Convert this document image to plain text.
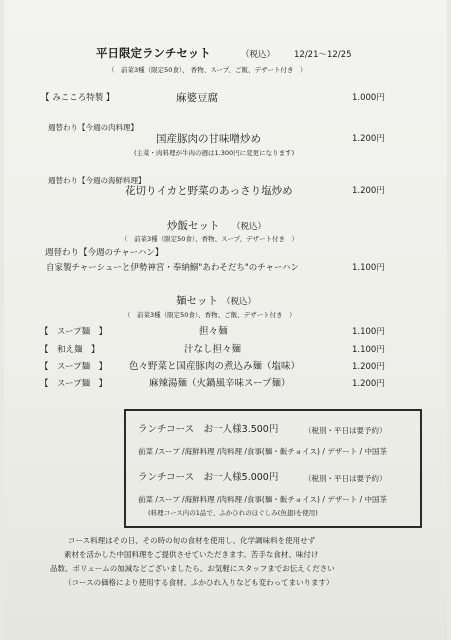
平日限定ランチセット	（税込） 12/21〜12/25
（　前菜3種（限定50食）、 香物、スープ、ご飯、デザート付き　）
【 みこころ特製 】	麻婆豆腐	1.000円
週替わり【今週の肉料理】
国産豚肉の甘味噌炒め	1.200円
(主菜・肉料理が牛肉の週は1.300円に変更になります)
週替わり【今週の海鮮料理】
花切りイカと野菜のあっさり塩炒め	1.200円
炒飯セット （税込）
（　前菜3種（限定50食）、香物、スープ、デザート付き　）
週替わり【今週のチャーハン】
自家製チャーシューと伊勢神宮・奉納鰯"あわそだち"のチャーハン	1.100円
麺セット （税込）
（　前菜3種（限定50食）、香物、ご飯、デザート付き　）
【　スープ麺　】	担々麺	1.100円
【　和え麺　】	汁なし担々麺	1.100円
【　スープ麺　】 色々野菜と国産豚肉の煮込み麺（塩味）	1.200円
【　スープ麺　】	麻辣湯麺（火鍋風辛味スープ麺）	1.200円
ランチコース　お一人様3.500円	（税別・平日は要予約）
前菜 /スープ /海鮮料理 /肉料理 /食事(麺・飯チョイス) / デザート / 中国茶
ランチコース　お一人様5.000円	（税別・平日は要予約）
前菜 /スープ /海鮮料理 /肉料理 /食事(麺・飯チョイス) / デザート / 中国茶
(料理コース内の1品で、ふかひれのほぐしみ(魚翅)を使用)
コース料理はその日、その時の旬の食材を使用し、化学調味料を使用せず
素材を活かした中国料理をご提供させていただきます。苦手な食材、味付け
品数、ボリュームの加減などございましたら、お気軽にスタッフまでお伝えください
（コースの価格により使用する食材、ふかひれ入りなども変わってまいります）
